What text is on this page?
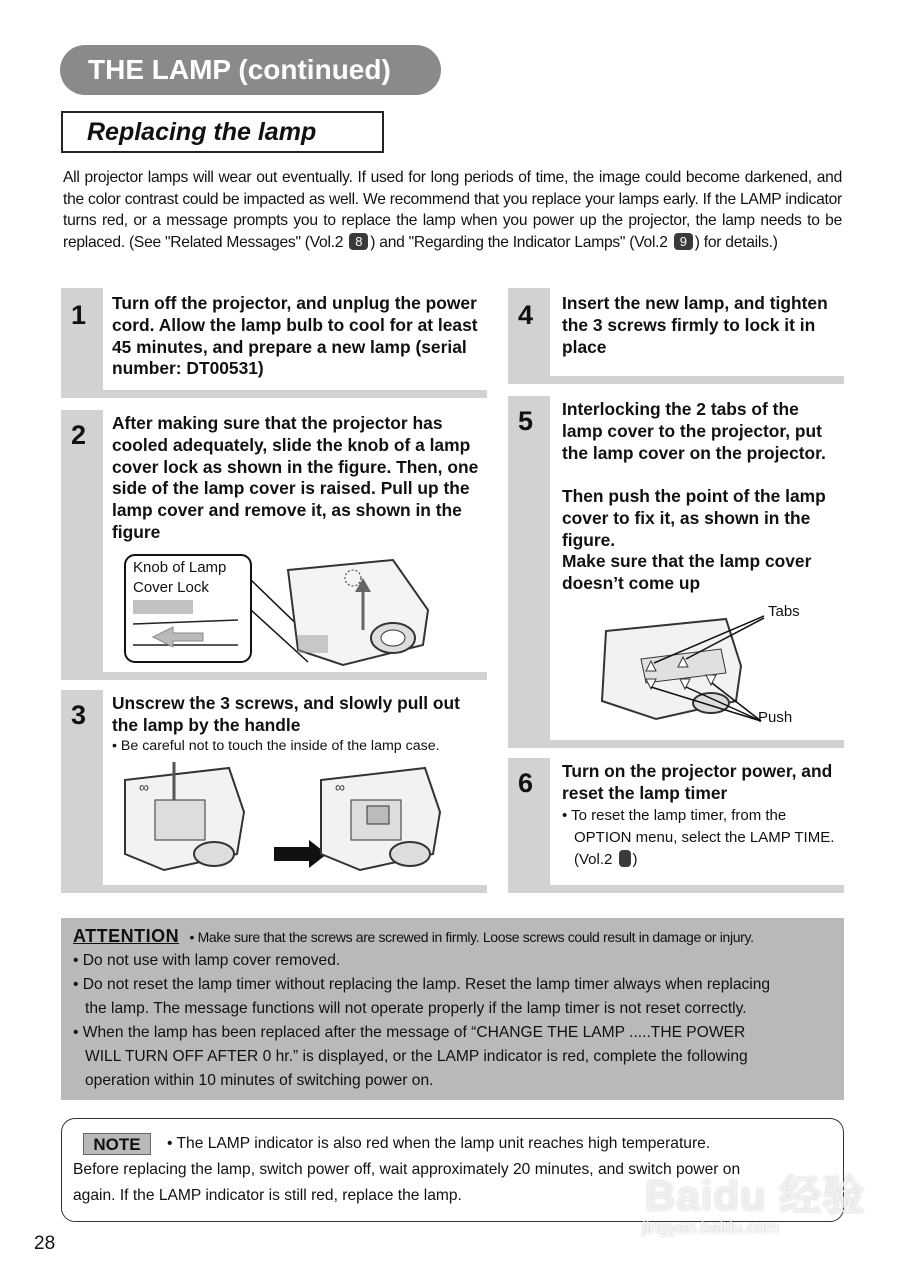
THE LAMP (continued)
Replacing the lamp
All projector lamps will wear out eventually. If used for long periods of time, the image could become darkened, and the color contrast could be impacted as well. We recommend that you replace your lamps early. If the LAMP indicator turns red, or a message prompts you to replace the lamp when you power up the projector, the lamp needs to be replaced. (See "Related Messages" (Vol.2 8 ) and "Regarding the Indicator Lamps" (Vol.2 9 ) for details.)
1 Turn off the projector, and unplug the power cord. Allow the lamp bulb to cool for at least 45 minutes, and prepare a new lamp (serial number: DT00531)
2 After making sure that the projector has cooled adequately, slide the knob of a lamp cover lock as shown in the figure. Then, one side of the lamp cover is raised. Pull up the lamp cover and remove it, as shown in the figure
Knob of Lamp Cover Lock
3 Unscrew the 3 screws, and slowly pull out the lamp by the handle
• Be careful not to touch the inside of the lamp case.
∞	∞
4 Insert the new lamp, and tighten the 3 screws firmly to lock it in place
5 Interlocking the 2 tabs of the lamp cover to the projector, put the lamp cover on the projector.
Then push the point of the lamp cover to fix it, as shown in the figure.
Make sure that the lamp cover doesn’t come up
Tabs
Push
6 Turn on the projector power, and reset the lamp timer
• To reset the lamp timer, from the OPTION menu, select the LAMP TIME. (Vol.2 7 )
ATTENTION • Make sure that the screws are screwed in firmly. Loose screws could result in damage or injury.
• Do not use with lamp cover removed.
• Do not reset the lamp timer without replacing the lamp. Reset the lamp timer always when replacing
the lamp. The message functions will not operate properly if the lamp timer is not reset correctly.
• When the lamp has been replaced after the message of “CHANGE THE LAMP .....THE POWER
WILL TURN OFF AFTER 0 hr.” is displayed, or the LAMP indicator is red, complete the following
operation within 10 minutes of switching power on.
NOTE	• The LAMP indicator is also red when the lamp unit reaches high temperature.
Before replacing the lamp, switch power off, wait approximately 20 minutes, and switch power on
again. If the LAMP indicator is still red, replace the lamp.
28
Baidu 经验
jingyan.baidu.com
